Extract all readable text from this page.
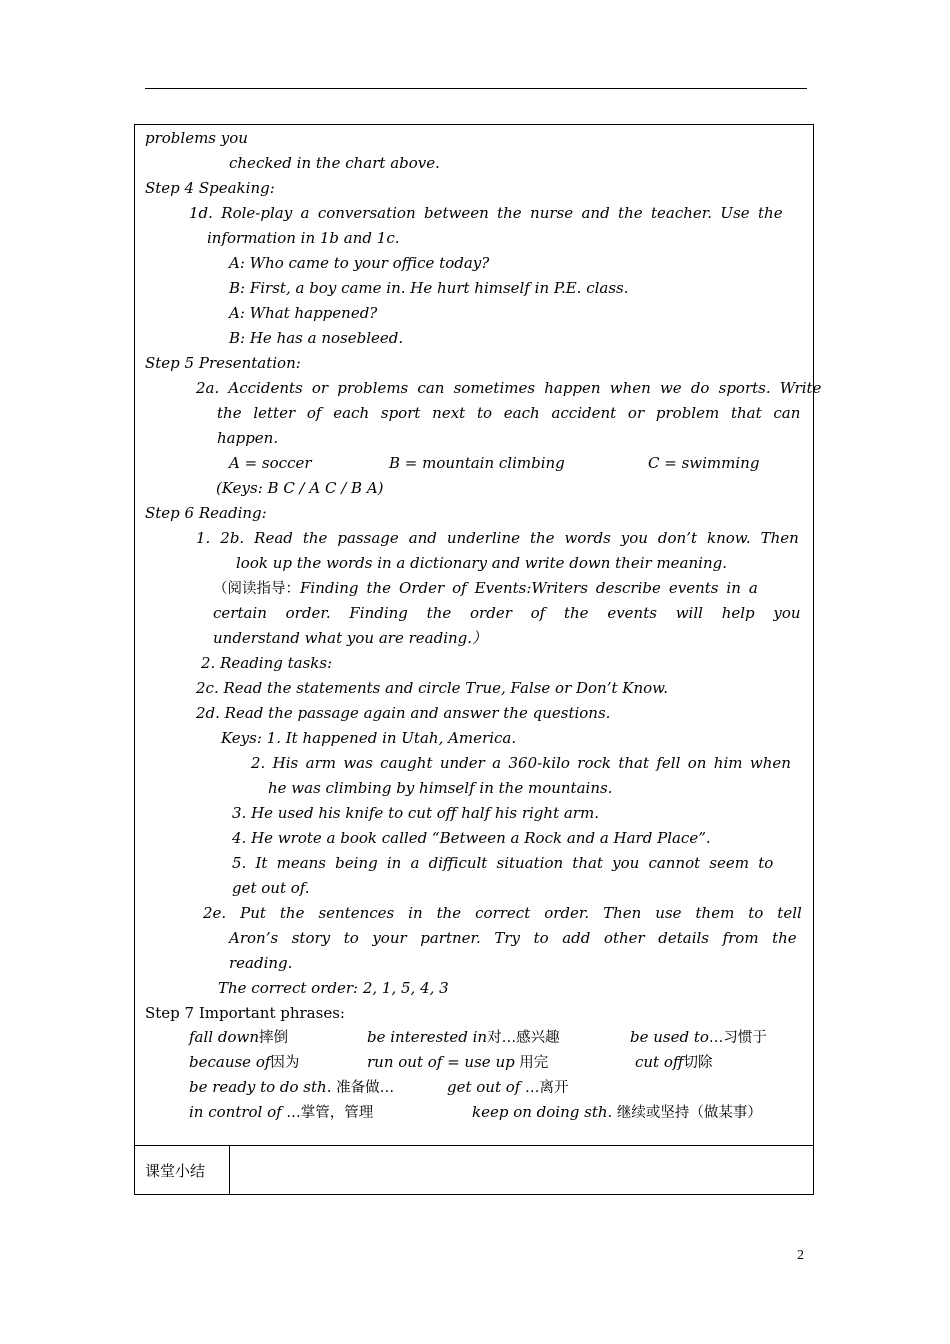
problems you
checked in the chart above.
Step 4 Speaking:
1d. Role-play a conversation between the nurse and the teacher. Use the
information in 1b and 1c.
A: Who came to your office today?
B: First, a boy came in. He hurt himself in P.E. class.
A: What happened?
B: He has a nosebleed.
Step 5 Presentation:
2a. Accidents or problems can sometimes happen when we do sports. Write
the letter of each sport next to each accident or problem that can
happen.
A = soccer	B = mountain climbing	C = swimming
(Keys: B C / A C / B A)
Step 6 Reading:
1. 2b. Read the passage and underline the words you don’t know. Then
look up the words in a dictionary and write down their meaning.
（阅读指导：Finding the Order of Events:Writers describe events in a
certain order. Finding the order of the events will help you
understand what you are reading.）
2. Reading tasks:
2c. Read the statements and circle True, False or Don’t Know.
2d. Read the passage again and answer the questions.
Keys: 1. It happened in Utah, America.
2. His arm was caught under a 360-kilo rock that fell on him when
he was climbing by himself in the mountains.
3. He used his knife to cut off half his right arm.
4. He wrote a book called “Between a Rock and a Hard Place”.
5. It means being in a difficult situation that you cannot seem to
get out of.
2e. Put the sentences in the correct order. Then use them to tell
Aron’s story to your partner. Try to add other details from the
reading.
The correct order: 2, 1, 5, 4, 3
Step 7 Important phrases:
fall down摔倒	be interested in对…感兴趣	be used to…习惯于
because of因为	run out of = use up 用完	cut off切除
be ready to do sth. 准备做…	get out of …离开
in control of …掌管，管理	keep on doing sth. 继续或坚持（做某事）
课堂小结
2
